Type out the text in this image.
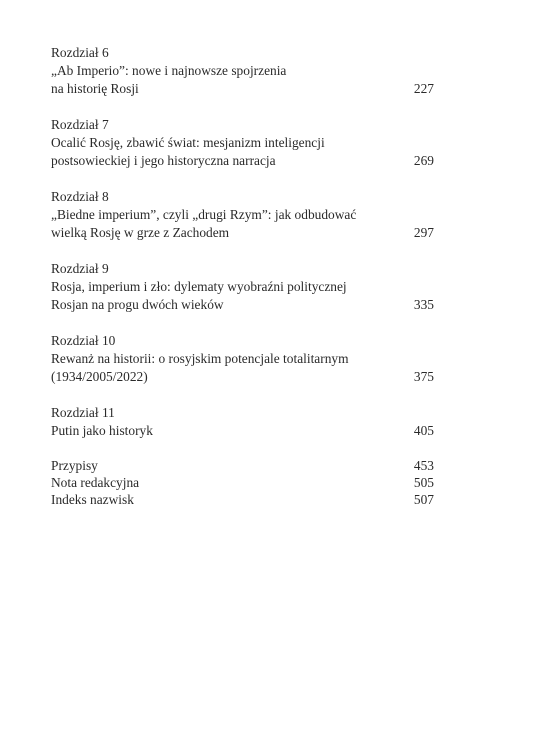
Rozdział 6
„Ab Imperio”: nowe i najnowsze spojrzenia
na historię Rosji	227
Rozdział 7
Ocalić Rosję, zbawić świat: mesjanizm inteligencji
postsowieckiej i jego historyczna narracja	269
Rozdział 8
„Biedne imperium”, czyli „drugi Rzym”: jak odbudować
wielką Rosję w grze z Zachodem	297
Rozdział 9
Rosja, imperium i zło: dylematy wyobraźni politycznej
Rosjan na progu dwóch wieków	335
Rozdział 10
Rewanż na historii: o rosyjskim potencjale totalitarnym
(1934/2005/2022)	375
Rozdział 11
Putin jako historyk	405
Przypisy	453
Nota redakcyjna	505
Indeks nazwisk	507
